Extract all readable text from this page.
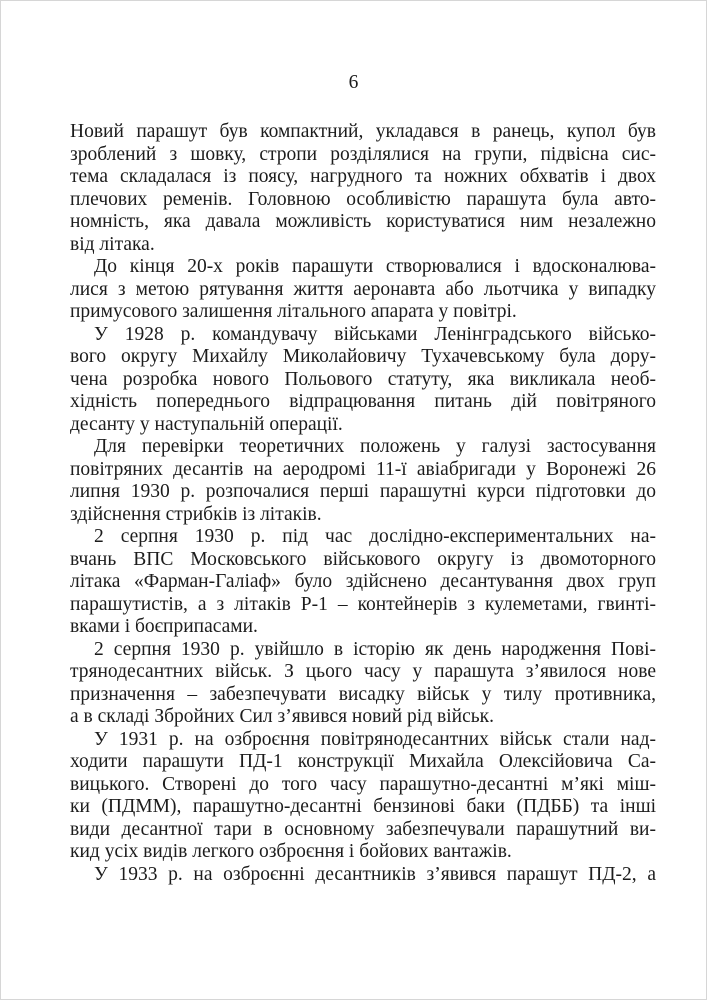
6
Новий парашут був компактний, укладався в ранець, купол був
зроблений з шовку, стропи розділялися на групи, підвісна сис-
тема складалася із поясу, нагрудного та ножних обхватів і двох
плечових ременів. Головною особливістю парашута була авто-
номність, яка давала можливість користуватися ним незалежно
від літака.
До кінця 20-х років парашути створювалися і вдосконалюва-
лися з метою рятування життя аеронавта або льотчика у випадку
примусового залишення літального апарата у повітрі.
У 1928 р. командувачу військами Ленінградського військо-
вого округу Михайлу Миколайовичу Тухачевському була дору-
чена розробка нового Польового статуту, яка викликала необ-
хідність попереднього відпрацювання питань дій повітряного
десанту у наступальній операції.
Для перевірки теоретичних положень у галузі застосування
повітряних десантів на аеродромі 11-ї авіабригади у Воронежі 26
липня 1930 р. розпочалися перші парашутні курси підготовки до
здійснення стрибків із літаків.
2 серпня 1930 р. під час дослідно-експериментальних на-
вчань ВПС Московського військового округу із двомоторного
літака «Фарман-Галіаф» було здійснено десантування двох груп
парашутистів, а з літаків Р-1 – контейнерів з кулеметами, гвинті-
вками і боєприпасами.
2 серпня 1930 р. увійшло в історію як день народження Пові-
трянодесантних військ. З цього часу у парашута з’явилося нове
призначення – забезпечувати висадку військ у тилу противника,
а в складі Збройних Сил з’явився новий рід військ.
У 1931 р. на озброєння повітрянодесантних військ стали над-
ходити парашути ПД-1 конструкції Михайла Олексійовича Са-
вицького. Створені до того часу парашутно-десантні м’які міш-
ки (ПДММ), парашутно-десантні бензинові баки (ПДББ) та інші
види десантної тари в основному забезпечували парашутний ви-
кид усіх видів легкого озброєння і бойових вантажів.
У 1933 р. на озброєнні десантників з’явився парашут ПД-2, а
